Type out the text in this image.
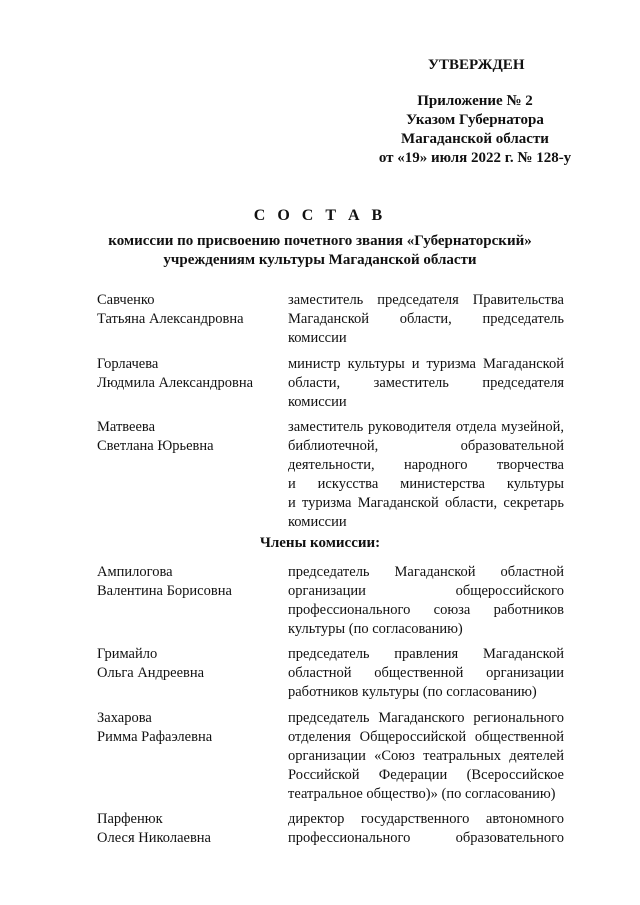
УТВЕРЖДЕН
Приложение № 2
Указом Губернатора
Магаданской области
от «19» июля 2022 г. № 128-у
С О С Т А В
комиссии по присвоению почетного звания «Губернаторский»
учреждениям культуры Магаданской области
Савченко
Татьяна Александровна
заместитель председателя Правительства
Магаданской области, председатель
комиссии
Горлачева
Людмила Александровна
министр культуры и туризма Магаданской
области, заместитель председателя
комиссии
Матвеева
Светлана Юрьевна
заместитель руководителя отдела музейной,
библиотечной, образовательной
деятельности, народного творчества
и искусства министерства культуры
и туризма Магаданской области, секретарь
комиссии
Члены комиссии:
Ампилогова
Валентина Борисовна
председатель Магаданской областной
организации общероссийского
профессионального союза работников
культуры (по согласованию)
Гримайло
Ольга Андреевна
председатель правления Магаданской
областной общественной организации
работников культуры (по согласованию)
Захарова
Римма Рафаэлевна
председатель Магаданского регионального
отделения Общероссийской общественной
организации «Союз театральных деятелей
Российской Федерации (Всероссийское
театральное общество)» (по согласованию)
Парфенюк
Олеся Николаевна
директор государственного автономного
профессионального образовательного
